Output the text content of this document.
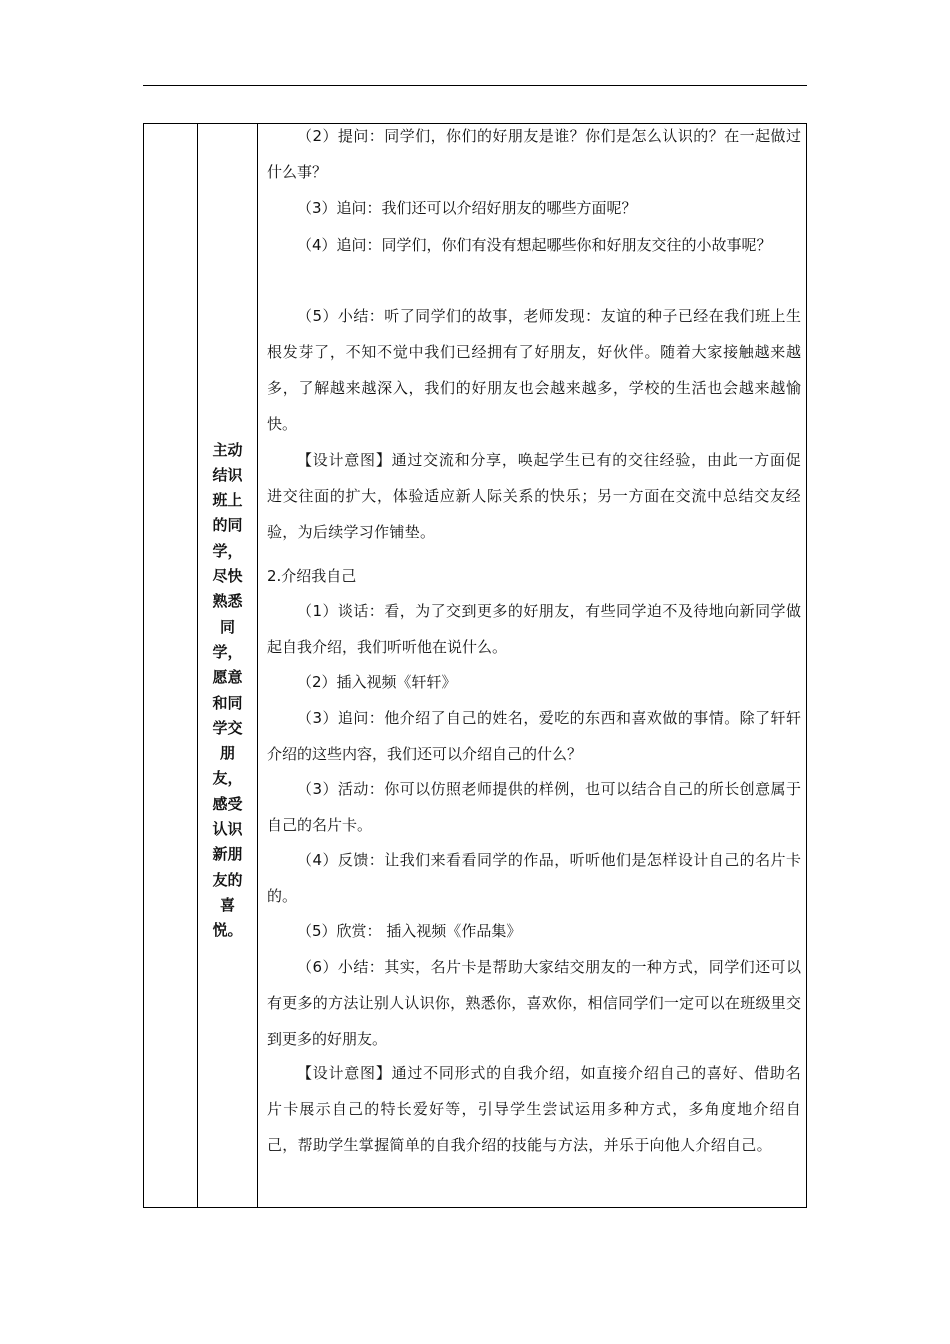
主动结识班上的同学，尽快熟悉同学，愿意和同学交朋友，感受认识新朋友的喜悦。
（2）提问：同学们，你们的好朋友是谁？你们是怎么认识的？在一起做过什么事？
（3）追问：我们还可以介绍好朋友的哪些方面呢？
（4）追问：同学们，你们有没有想起哪些你和好朋友交往的小故事呢？
（5）小结：听了同学们的故事，老师发现：友谊的种子已经在我们班上生根发芽了，不知不觉中我们已经拥有了好朋友，好伙伴。随着大家接触越来越多，了解越来越深入，我们的好朋友也会越来越多，学校的生活也会越来越愉快。
【设计意图】通过交流和分享，唤起学生已有的交往经验，由此一方面促进交往面的扩大，体验适应新人际关系的快乐；另一方面在交流中总结交友经验，为后续学习作铺垫。
2.介绍我自己
（1）谈话：看，为了交到更多的好朋友，有些同学迫不及待地向新同学做起自我介绍，我们听听他在说什么。
（2）插入视频《轩轩》
（3）追问：他介绍了自己的姓名，爱吃的东西和喜欢做的事情。除了轩轩介绍的这些内容，我们还可以介绍自己的什么？
（3）活动：你可以仿照老师提供的样例，也可以结合自己的所长创意属于自己的名片卡。
（4）反馈：让我们来看看同学的作品，听听他们是怎样设计自己的名片卡的。
（5）欣赏： 插入视频《作品集》
（6）小结：其实，名片卡是帮助大家结交朋友的一种方式，同学们还可以有更多的方法让别人认识你，熟悉你，喜欢你，相信同学们一定可以在班级里交到更多的好朋友。
【设计意图】通过不同形式的自我介绍，如直接介绍自己的喜好、借助名片卡展示自己的特长爱好等，引导学生尝试运用多种方式，多角度地介绍自己，帮助学生掌握简单的自我介绍的技能与方法，并乐于向他人介绍自己。
